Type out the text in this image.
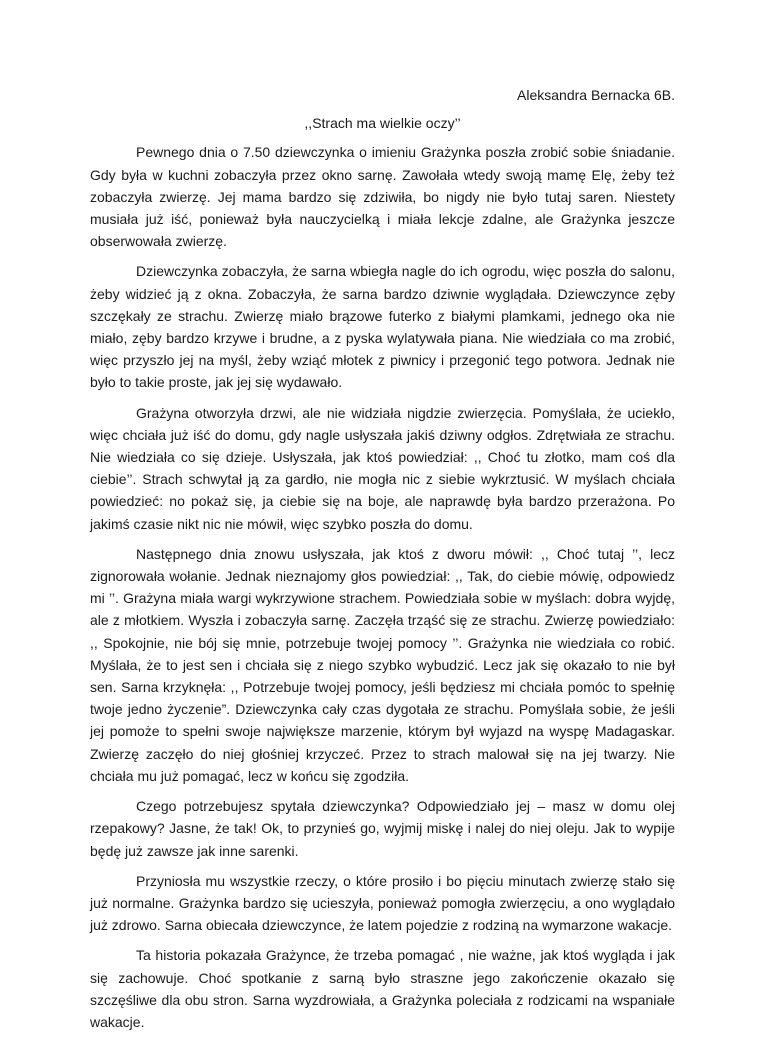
Aleksandra Bernacka 6B.

,,Strach ma wielkie oczy’’

Pewnego dnia o 7.50 dziewczynka o imieniu Grażynka poszła zrobić sobie śniadanie. Gdy była w kuchni zobaczyła przez okno sarnę. Zawołała wtedy swoją mamę Elę, żeby też zobaczyła zwierzę. Jej mama bardzo się zdziwiła, bo nigdy nie było tutaj saren. Niestety musiała już iść, ponieważ była nauczycielką i miała lekcje zdalne, ale Grażynka jeszcze obserwowała zwierzę.

Dziewczynka zobaczyła, że sarna wbiegła nagle do ich ogrodu, więc poszła do salonu, żeby widzieć ją z okna. Zobaczyła, że sarna bardzo dziwnie wyglądała. Dziewczynce zęby szczękały ze strachu. Zwierzę miało brązowe futerko z białymi plamkami, jednego oka nie miało, zęby bardzo krzywe i brudne, a z pyska wylatywała piana. Nie wiedziała co ma zrobić, więc przyszło jej na myśl, żeby wziąć młotek z piwnicy i przegonić tego potwora. Jednak nie było to takie proste, jak jej się wydawało.

Grażyna otworzyła drzwi, ale nie widziała nigdzie zwierzęcia. Pomyślała, że uciekło, więc chciała już iść do domu, gdy nagle usłyszała jakiś dziwny odgłos. Zdrętwiała ze strachu. Nie wiedziała co się dzieje. Usłyszała, jak ktoś powiedział: ,, Choć tu złotko, mam coś dla ciebie’’. Strach schwytał ją za gardło, nie mogła nic z siebie wykrztusić. W myślach chciała powiedzieć: no pokaż się, ja ciebie się na boje, ale naprawdę była bardzo przerażona. Po jakimś czasie nikt nic nie mówił, więc szybko poszła do domu.

Następnego dnia znowu usłyszała, jak ktoś z dworu mówił: ,, Choć tutaj ’’, lecz zignorowała wołanie. Jednak nieznajomy głos powiedział: ,, Tak, do ciebie mówię, odpowiedz mi ’’. Grażyna miała wargi wykrzywione strachem. Powiedziała sobie w myślach: dobra wyjdę, ale z młotkiem. Wyszła i zobaczyła sarnę. Zaczęła trząść się ze strachu. Zwierzę powiedziało: ,, Spokojnie, nie bój się mnie, potrzebuje twojej pomocy ’’. Grażynka nie wiedziała co robić. Myślała, że to jest sen i chciała się z niego szybko wybudzić. Lecz jak się okazało to nie był sen. Sarna krzyknęła: ,, Potrzebuje twojej pomocy, jeśli będziesz mi chciała pomóc to spełnię twoje jedno życzenie”. Dziewczynka cały czas dygotała ze strachu. Pomyślała sobie, że jeśli jej pomoże to spełni swoje największe marzenie, którym był wyjazd na wyspę Madagaskar. Zwierzę zaczęło do niej głośniej krzyczeć. Przez to strach malował się na jej twarzy. Nie chciała mu już pomagać, lecz w końcu się zgodziła.

Czego potrzebujesz spytała dziewczynka? Odpowiedziało jej – masz w domu olej rzepakowy? Jasne, że tak! Ok, to przynieś go, wyjmij miskę i nalej do niej oleju. Jak to wypije będę już zawsze jak inne sarenki.

Przyniosła mu wszystkie rzeczy, o które prosiło i bo pięciu minutach zwierzę stało się już normalne. Grażynka bardzo się ucieszyła, ponieważ pomogła zwierzęciu, a ono wyglądało już zdrowo. Sarna obiecała dziewczynce, że latem pojedzie z rodziną na wymarzone wakacje.

Ta historia pokazała Grażynce, że trzeba pomagać , nie ważne, jak ktoś wygląda i jak się zachowuje. Choć spotkanie z sarną było straszne jego zakończenie okazało się szczęśliwe dla obu stron. Sarna wyzdrowiała, a Grażynka poleciała z rodzicami na wspaniałe wakacje.
